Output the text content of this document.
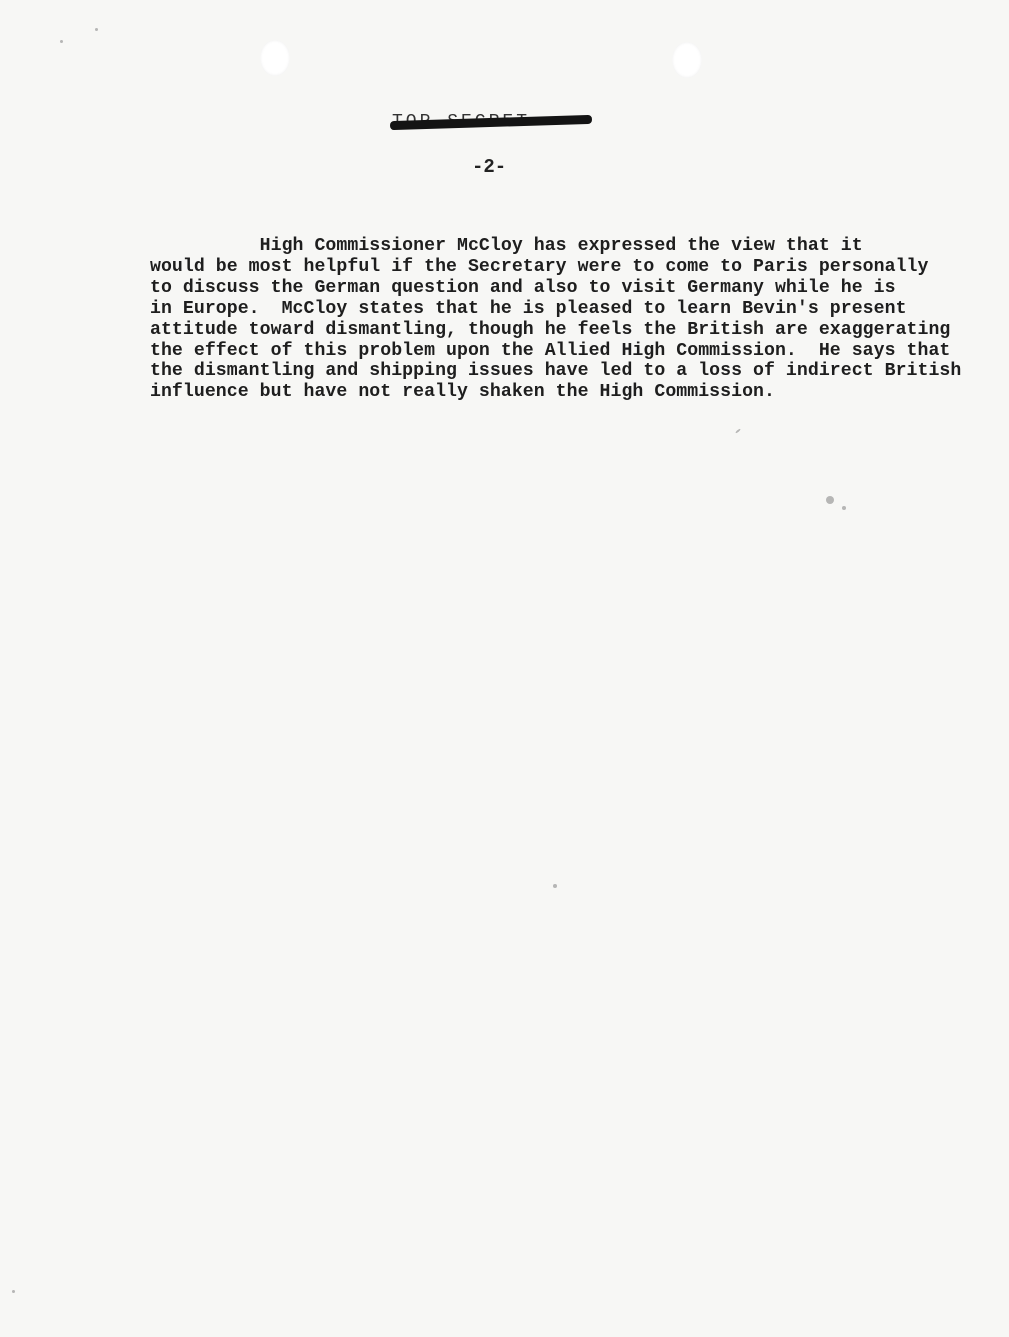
-2-
High Commissioner McCloy has expressed the view that it
would be most helpful if the Secretary were to come to Paris personally
to discuss the German question and also to visit Germany while he is
in Europe.  McCloy states that he is pleased to learn Bevin's present
attitude toward dismantling, though he feels the British are exaggerating
the effect of this problem upon the Allied High Commission.  He says that
the dismantling and shipping issues have led to a loss of indirect British
influence but have not really shaken the High Commission.
